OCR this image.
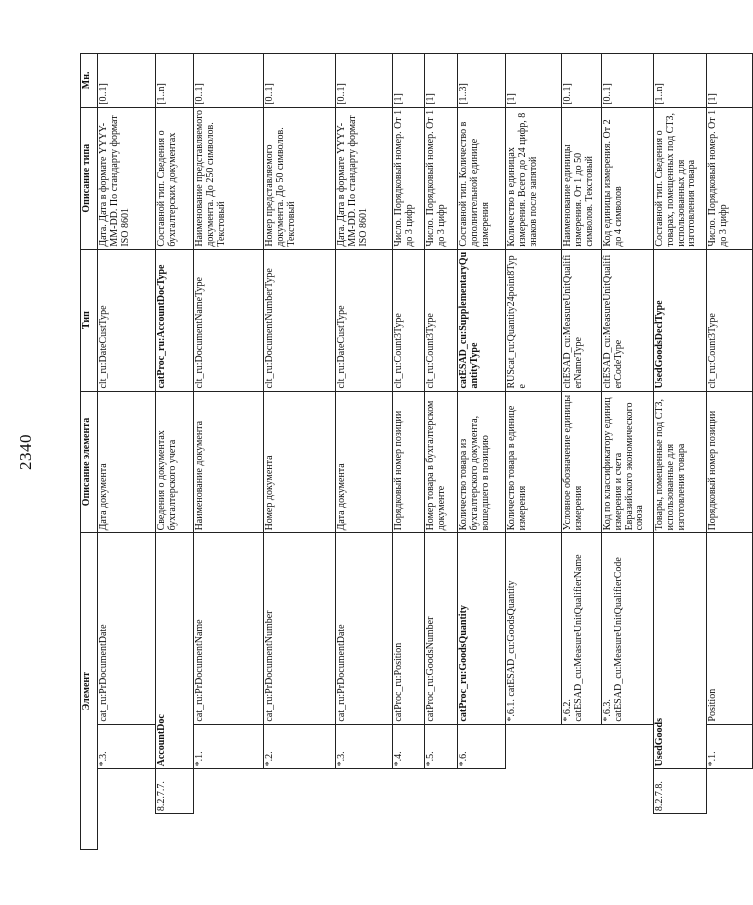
2340
Элемент				Описание элемента	Тип	Описание типа	Мн.
		*.3.	cat_ru:PrDocumentDate	Дата документа	clt_ru:DateCustType	Дата. Дата в формате YYYY-MM-DD. По стандарту формат ISO 8601	[0..1]
	8.2.7.7.	AccountDoc		Сведения о документах бухгалтерского учета	catProc_ru:AccountDocType	Составной тип. Сведения о бухгалтерских документах	[1..n]
		*.1.	cat_ru:PrDocumentName	Наименование документа	clt_ru:DocumentNameType	Наименование представляемого документа. До 250 символов. Текстовый	[0..1]
		*.2.	cat_ru:PrDocumentNumber	Номер документа	clt_ru:DocumentNumberType	Номер представляемого документа. До 50 символов. Текстовый	[0..1]
		*.3.	cat_ru:PrDocumentDate	Дата документа	clt_ru:DateCustType	Дата. Дата в формате YYYY-MM-DD. По стандарту формат ISO 8601	[0..1]
		*.4.	catProc_ru:Position	Порядковый номер позиции	clt_ru:Count3Type	Число. Порядковый номер. От 1 до 3 цифр	[1]
		*.5.	catProc_ru:GoodsNumber	Номер товара в бухгалтерском документе	clt_ru:Count3Type	Число. Порядковый номер. От 1 до 3 цифр	[1]
		*.6.	catProc_ru:GoodsQuantity	Количество товара из бухгалтерского документа, вошедшего в позицию	catESAD_cu:SupplementaryQuantityType	Составной тип. Количество в дополнительной единице измерения	[1..3]
			*.6.1. catESAD_cu:GoodsQuantity	Количество товара в единице измерения	RUScat_ru:Quantity24point8Type	Количество в единицах измерения. Всего до 24 цифр, 8 знаков после запятой	[1]
			*.6.2. catESAD_cu:MeasureUnitQualifierName	Условное обозначение единицы измерения	cltESAD_cu:MeasureUnitQualifierNameType	Наименование единицы измерения. От 1 до 50 символов. Текстовый	[0..1]
			*.6.3. catESAD_cu:MeasureUnitQualifierCode	Код по классификатору единиц измерения и счета Евразийского экономического союза	cltESAD_cu:MeasureUnitQualifierCodeType	Код единицы измерения. От 2 до 4 символов	[0..1]
	8.2.7.8.	UsedGoods		Товары, помещенные под СТЗ, использованные для изготовления товара	UsedGoodsDeclType	Составной тип. Сведения о товарах, помещенных под СТЗ, использованных для изготовления товара	[1..n]
		*.1.	Position	Порядковый номер позиции	clt_ru:Count3Type	Число. Порядковый номер. От 1 до 3 цифр	[1]
